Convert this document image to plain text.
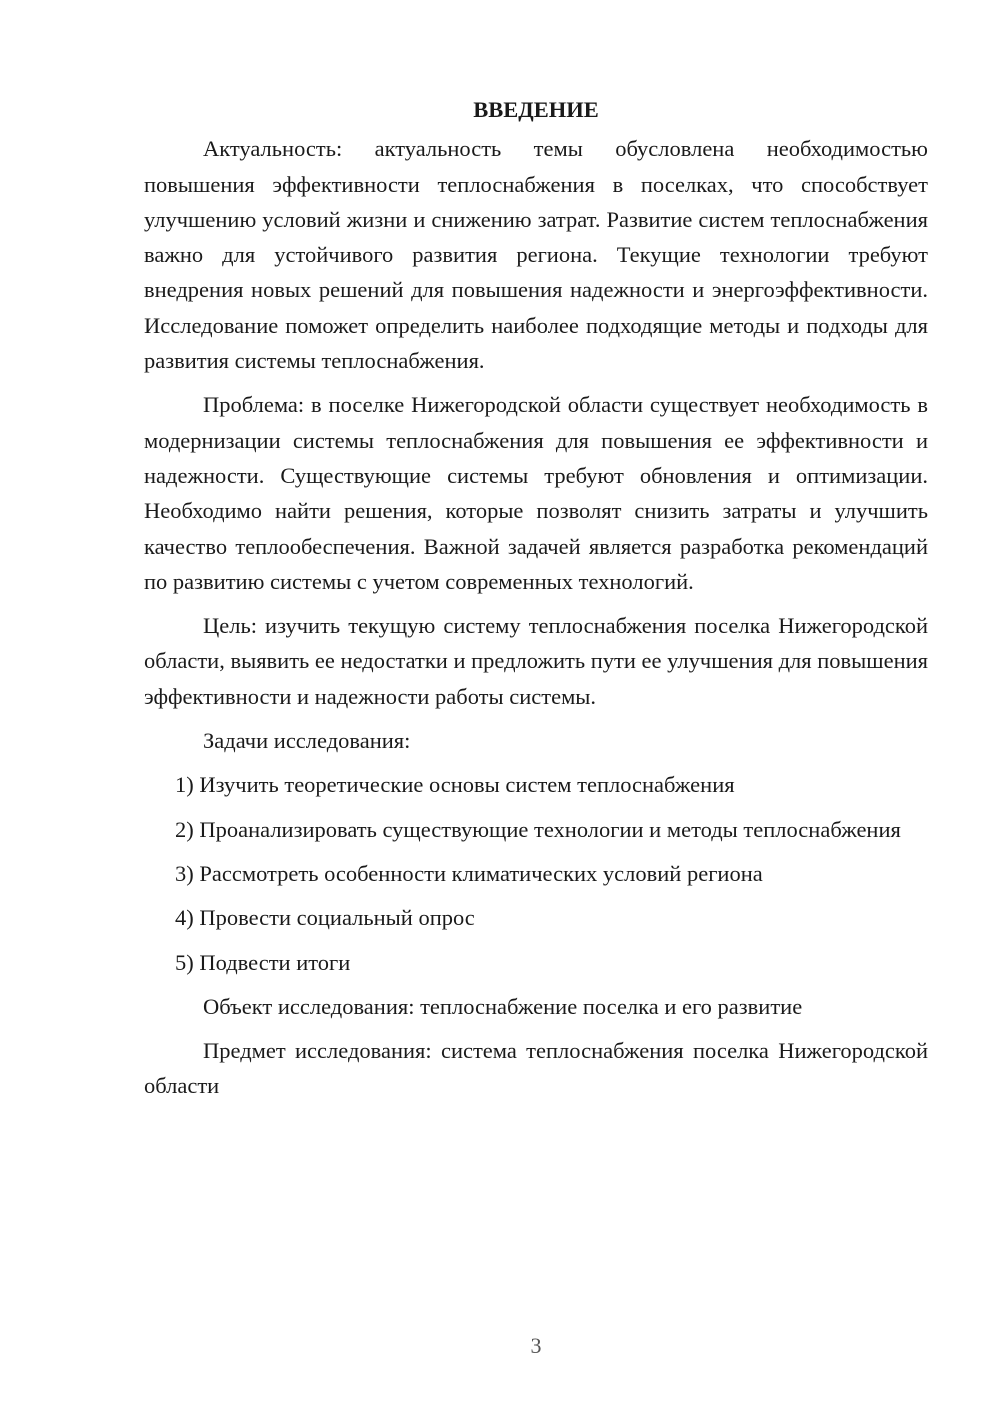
ВВЕДЕНИЕ

Актуальность: актуальность темы обусловлена необходимостью повышения эффективности теплоснабжения в поселках, что способствует улучшению условий жизни и снижению затрат. Развитие систем теплоснабжения важно для устойчивого развития региона. Текущие технологии требуют внедрения новых решений для повышения надежности и энергоэффективности. Исследование поможет определить наиболее подходящие методы и подходы для развития системы теплоснабжения.

Проблема: в поселке Нижегородской области существует необходимость в модернизации системы теплоснабжения для повышения ее эффективности и надежности. Существующие системы требуют обновления и оптимизации. Необходимо найти решения, которые позволят снизить затраты и улучшить качество теплообеспечения. Важной задачей является разработка рекомендаций по развитию системы с учетом современных технологий.

Цель: изучить текущую систему теплоснабжения поселка Нижегородской области, выявить ее недостатки и предложить пути ее улучшения для повышения эффективности и надежности работы системы.

Задачи исследования:

1) Изучить теоретические основы систем теплоснабжения

2) Проанализировать существующие технологии и методы теплоснабжения

3) Рассмотреть особенности климатических условий региона

4) Провести социальный опрос

5) Подвести итоги

Объект исследования: теплоснабжение поселка и его развитие

Предмет исследования: система теплоснабжения поселка Нижегородской области

3
